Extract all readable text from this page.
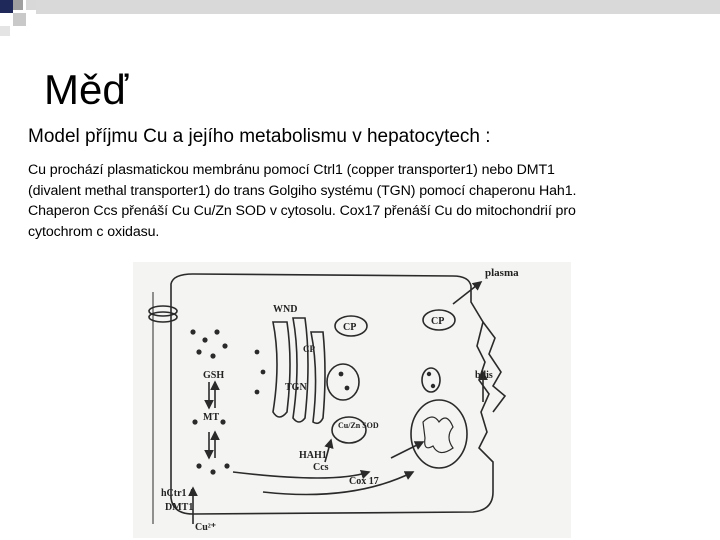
Měď
Model příjmu Cu a jejího metabolismu v hepatocytech :

Cu prochází plasmatickou membránu pomocí Ctrl1 (copper transporter1) nebo DMT1
(divalent methal transporter1) do trans Golgiho systému (TGN) pomocí chaperonu Hah1.
Chaperon Ccs přenáší Cu Cu/Zn SOD v cytosolu. Cox17 přenáší Cu do mitochondrií pro
cytochrom c oxidasu.

plasma
WND
CP
CP
CP
GSH
TGN
MT
Cu/Zn SOD
HAH1
Ccs
Cox 17
bilis
hCtr1 /
DMT1
Cu²⁺
